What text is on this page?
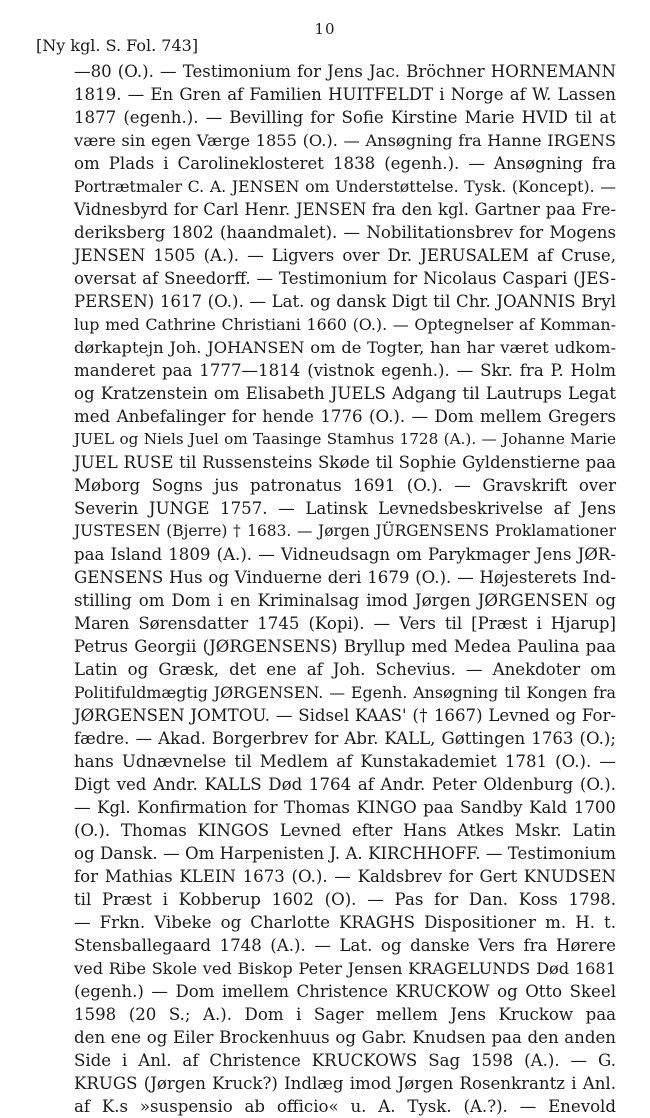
10
[Ny kgl. S. Fol. 743]
—80 (O.). — Testimonium for Jens Jac. Bröchner HORNEMANN
1819. — En Gren af Familien HUITFELDT i Norge af W. Lassen
1877 (egenh.). — Bevilling for Sofie Kirstine Marie HVID til at
være sin egen Værge 1855 (O.). — Ansøgning fra Hanne IRGENS
om Plads i Carolineklosteret 1838 (egenh.). — Ansøgning fra
Portrætmaler C. A. JENSEN om Understøttelse. Tysk. (Koncept). —
Vidnesbyrd for Carl Henr. JENSEN fra den kgl. Gartner paa Fre-
deriksberg 1802 (haandmalet). — Nobilitationsbrev for Mogens
JENSEN 1505 (A.). — Ligvers over Dr. JERUSALEM af Cruse,
oversat af Sneedorff. — Testimonium for Nicolaus Caspari (JES-
PERSEN) 1617 (O.). — Lat. og dansk Digt til Chr. JOANNIS Bryl
lup med Cathrine Christiani 1660 (O.). — Optegnelser af Komman-
dørkaptejn Joh. JOHANSEN om de Togter, han har været udkom-
manderet paa 1777—1814 (vistnok egenh.). — Skr. fra P. Holm
og Kratzenstein om Elisabeth JUELS Adgang til Lautrups Legat
med Anbefalinger for hende 1776 (O.). — Dom mellem Gregers
JUEL og Niels Juel om Taasinge Stamhus 1728 (A.). — Johanne Marie
JUEL RUSE til Russensteins Skøde til Sophie Gyldenstierne paa
Møborg Sogns jus patronatus 1691 (O.). — Gravskrift over
Severin JUNGE 1757. — Latinsk Levnedsbeskrivelse af Jens
JUSTESEN (Bjerre) † 1683. — Jørgen JÜRGENSENS Proklamationer
paa Island 1809 (A.). — Vidneudsagn om Parykmager Jens JØR-
GENSENS Hus og Vinduerne deri 1679 (O.). — Højesterets Ind-
stilling om Dom i en Kriminalsag imod Jørgen JØRGENSEN og
Maren Sørensdatter 1745 (Kopi). — Vers til [Præst i Hjarup]
Petrus Georgii (JØRGENSENS) Bryllup med Medea Paulina paa
Latin og Græsk, det ene af Joh. Schevius. — Anekdoter om
Politifuldmægtig JØRGENSEN. — Egenh. Ansøgning til Kongen fra
JØRGENSEN JOMTOU. — Sidsel KAAS' († 1667) Levned og For-
fædre. — Akad. Borgerbrev for Abr. KALL, Gøttingen 1763 (O.);
hans Udnævnelse til Medlem af Kunstakademiet 1781 (O.). —
Digt ved Andr. KALLS Død 1764 af Andr. Peter Oldenburg (O.).
— Kgl. Konfirmation for Thomas KINGO paa Sandby Kald 1700
(O.). Thomas KINGOS Levned efter Hans Atkes Mskr. Latin
og Dansk. — Om Harpenisten J. A. KIRCHHOFF. — Testimonium
for Mathias KLEIN 1673 (O.). — Kaldsbrev for Gert KNUDSEN
til Præst i Kobberup 1602 (O). — Pas for Dan. Koss 1798.
— Frkn. Vibeke og Charlotte KRAGHS Dispositioner m. H. t.
Stensballegaard 1748 (A.). — Lat. og danske Vers fra Hørere
ved Ribe Skole ved Biskop Peter Jensen KRAGELUNDS Død 1681
(egenh.) — Dom imellem Christence KRUCKOW og Otto Skeel
1598 (20 S.; A.). Dom i Sager mellem Jens Kruckow paa
den ene og Eiler Brockenhuus og Gabr. Knudsen paa den anden
Side i Anl. af Christence KRUCKOWS Sag 1598 (A.). — G.
KRUGS (Jørgen Kruck?) Indlæg imod Jørgen Rosenkrantz i Anl.
af K.s »suspensio ab officio« u. A. Tysk. (A.?). — Enevold
